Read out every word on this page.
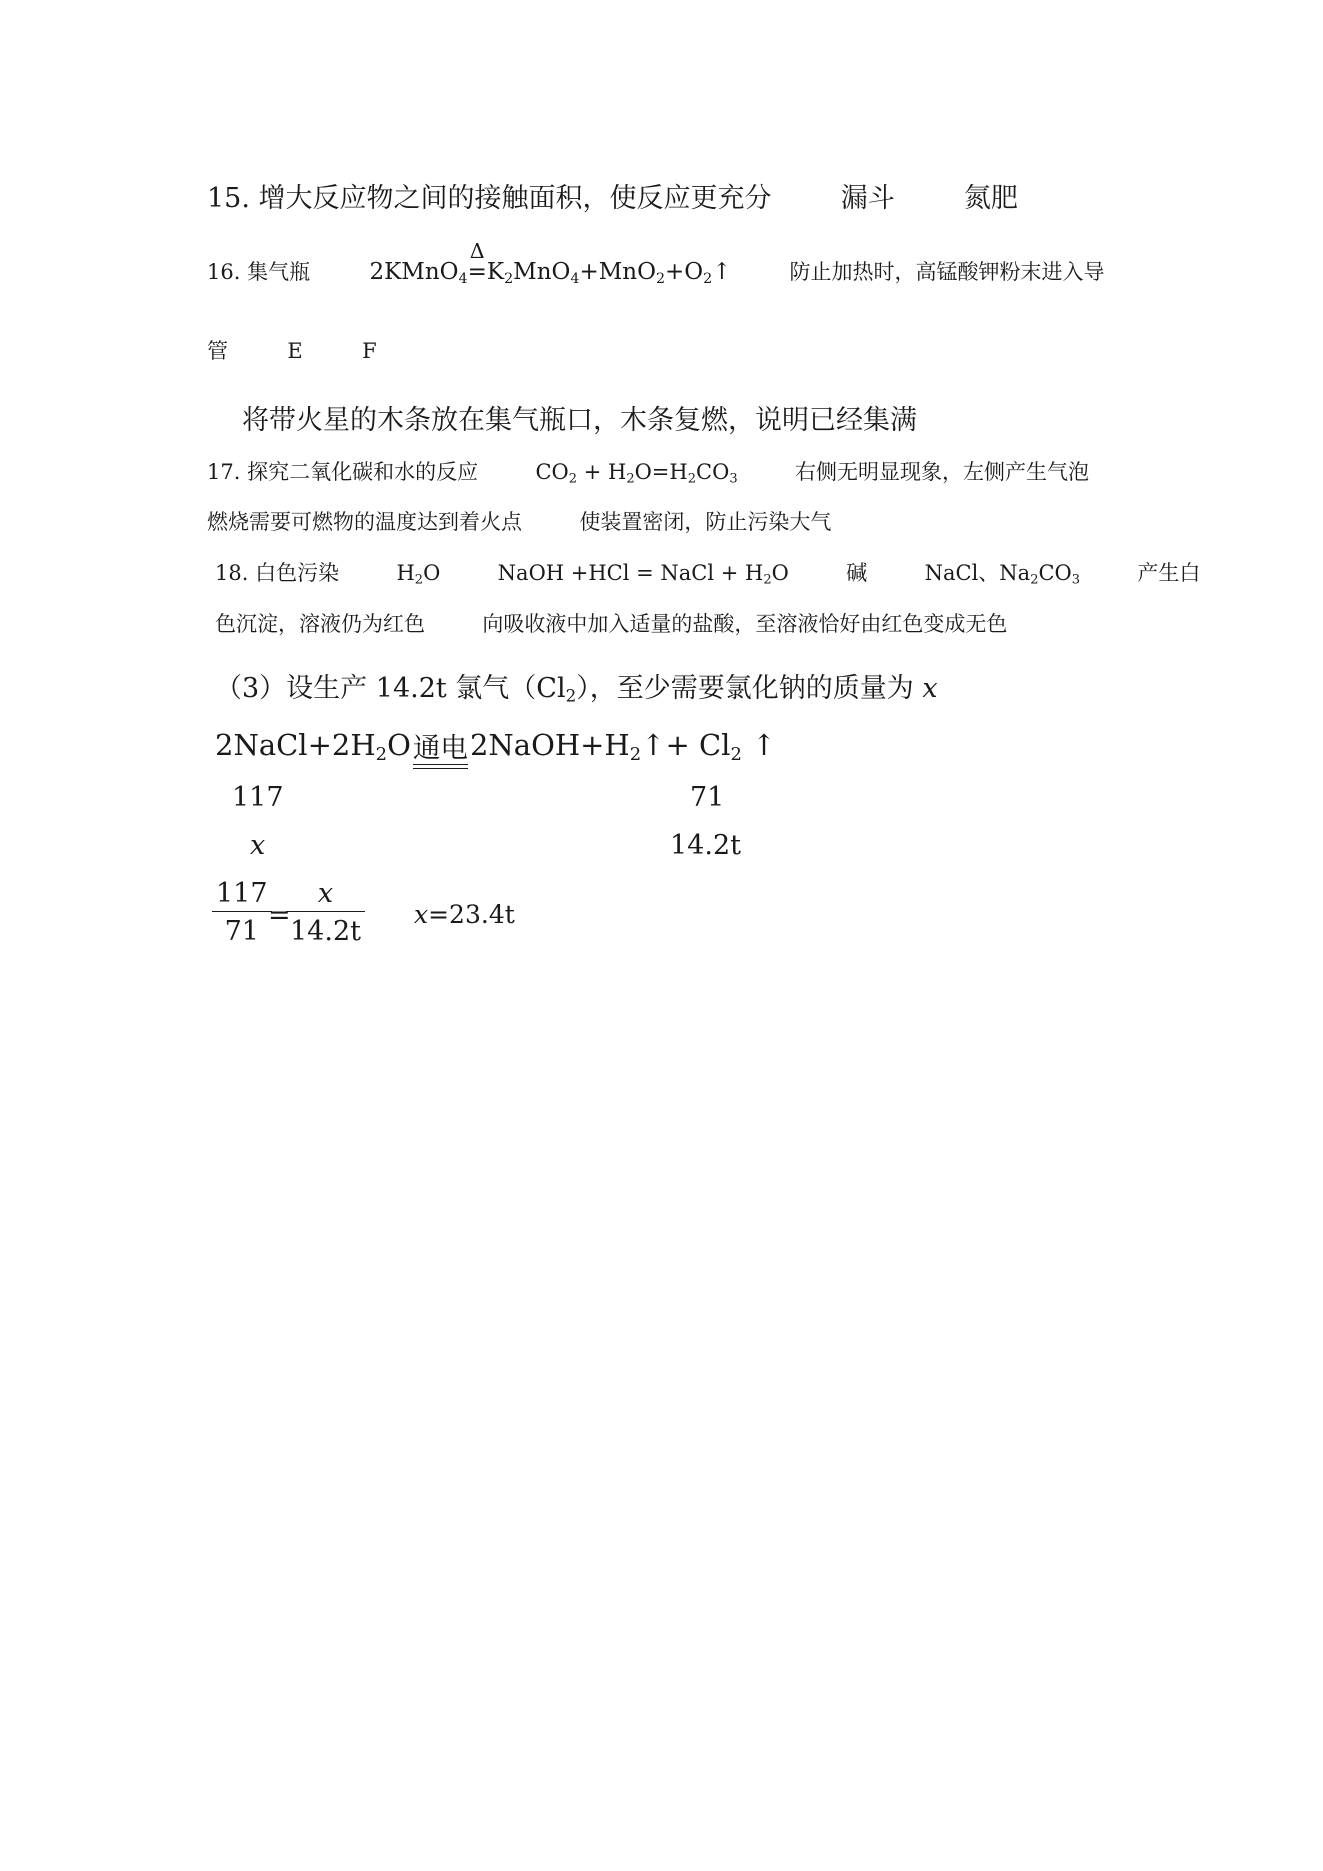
15. 增大反应物之间的接触面积，使反应更充分	漏斗	氮肥
16. 集气瓶	2KMnO$_4$
Δ
$=K_2MnO_4+MnO_2+O_2↑$	防止加热时，高锰酸钾粉末进入导
管	E	F
将带火星的木条放在集气瓶口，木条复燃，说明已经集满
17. 探究二氧化碳和水的反应	$CO_2 + H_2O=H_2CO_3$	右侧无明显现象，左侧产生气泡
燃烧需要可燃物的温度达到着火点	使装置密闭，防止污染大气
18. 白色污染	$H_2O$	NaOH +HCl = NaCl + $H_2O$	碱	NaCl、$Na_2CO_3$	产生白
色沉淀，溶液仍为红色	向吸收液中加入适量的盐酸，至溶液恰好由红色变成无色
（3）设生产 14.2t 氯气$(Cl_2)$，至少需要氯化钠的质量为 x
$2NaCl+2H_2O$ 通电 $2NaOH+H_2↑+ Cl_2$ ↑
117	71
x	14.2t
$\frac{117}{71}$
=
$\frac{x}{14.2t} x=23.4t$
